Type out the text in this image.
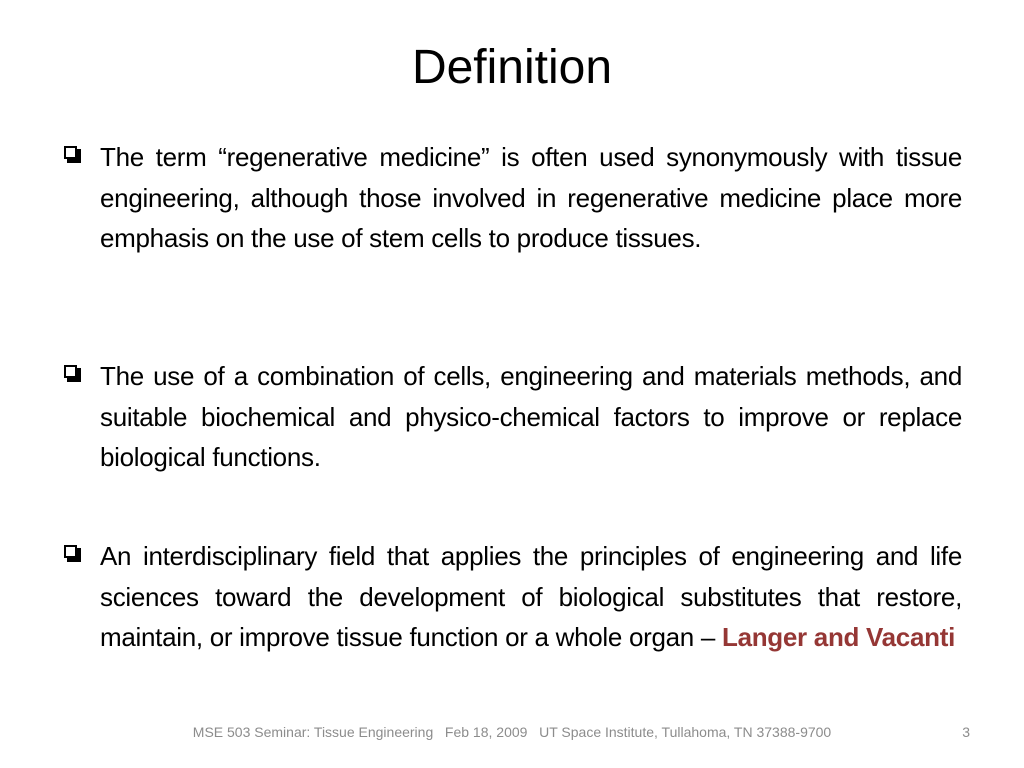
Definition

The term “regenerative medicine” is often used synonymously with tissue engineering, although those involved in regenerative medicine place more emphasis on the use of stem cells to produce tissues.

The use of a combination of cells, engineering and materials methods, and suitable biochemical and physico-chemical factors to improve or replace biological functions.

An interdisciplinary field that applies the principles of engineering and life sciences toward the development of biological substitutes that restore, maintain, or improve tissue function or a whole organ – Langer and Vacanti

MSE 503 Seminar: Tissue Engineering Feb 18, 2009 UT Space Institute, Tullahoma, TN 37388-9700	3
